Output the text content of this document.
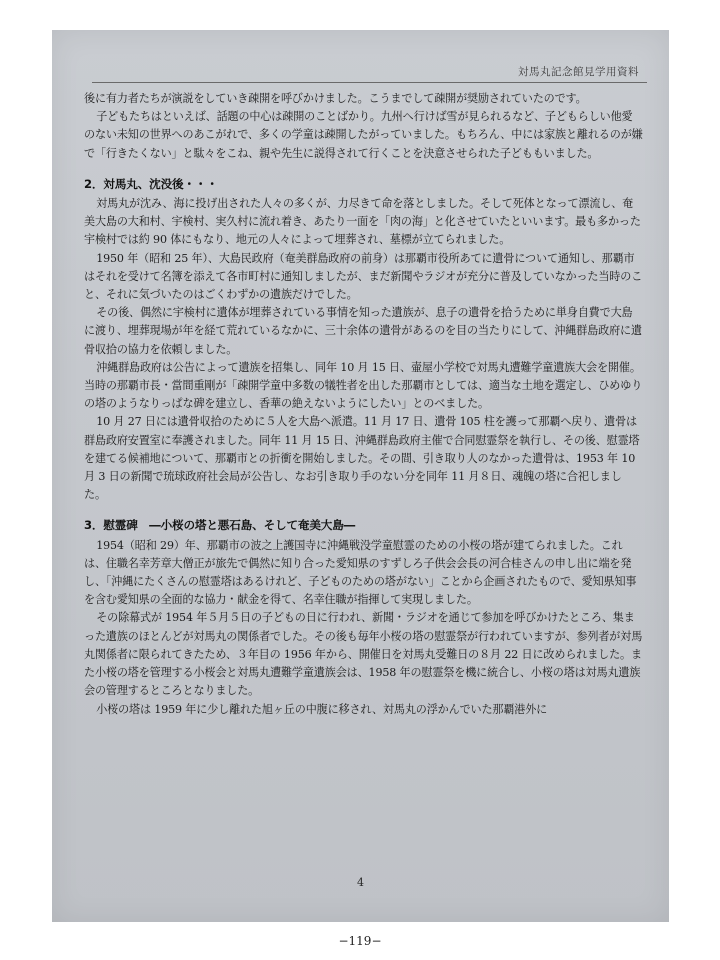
対馬丸記念館見学用資料

後に有力者たちが演説をしていき疎開を呼びかけました。こうまでして疎開が奨励されていたのです。

子どもたちはといえば、話題の中心は疎開のことばかり。九州へ行けば雪が見られるなど、子どもらしい他愛のない未知の世界へのあこがれで、多くの学童は疎開したがっていました。もちろん、中には家族と離れるのが嫌で「行きたくない」と駄々をこね、親や先生に説得されて行くことを決意させられた子どももいました。

2．対馬丸、沈没後・・・

対馬丸が沈み、海に投げ出された人々の多くが、力尽きて命を落としました。そして死体となって漂流し、奄美大島の大和村、宇検村、実久村に流れ着き、あたり一面を「肉の海」と化させていたといいます。最も多かった宇検村では約 90 体にもなり、地元の人々によって埋葬され、墓標が立てられました。

1950 年（昭和 25 年）、大島民政府（奄美群島政府の前身）は那覇市役所あてに遺骨について通知し、那覇市はそれを受けて名簿を添えて各市町村に通知しましたが、まだ新聞やラジオが充分に普及していなかった当時のこと、それに気づいたのはごくわずかの遺族だけでした。

その後、偶然に宇検村に遺体が埋葬されている事情を知った遺族が、息子の遺骨を拾うために単身自費で大島に渡り、埋葬現場が年を経て荒れているなかに、三十余体の遺骨があるのを目の当たりにして、沖縄群島政府に遺骨収拾の協力を依頼しました。

沖縄群島政府は公告によって遺族を招集し、同年 10 月 15 日、壷屋小学校で対馬丸遭難学童遺族大会を開催。当時の那覇市長・當間重剛が「疎開学童中多数の犠牲者を出した那覇市としては、適当な土地を選定し、ひめゆりの塔のようなりっぱな碑を建立し、香華の絶えないようにしたい」とのべました。

10 月 27 日には遺骨収拾のために５人を大島へ派遣。11 月 17 日、遺骨 105 柱を護って那覇へ戻り、遺骨は群島政府安置室に奉護されました。同年 11 月 15 日、沖縄群島政府主催で合同慰霊祭を執行し、その後、慰霊塔を建てる候補地について、那覇市との折衝を開始しました。その間、引き取り人のなかった遺骨は、1953 年 10 月 3 日の新聞で琉球政府社会局が公告し、なお引き取り手のない分を同年 11 月８日、魂魄の塔に合祀しました。

3．慰霊碑　―小桜の塔と悪石島、そして奄美大島―

1954（昭和 29）年、那覇市の波之上護国寺に沖縄戦没学童慰霊のための小桜の塔が建てられました。これは、住職名幸芳章大僧正が旅先で偶然に知り合った愛知県のすずしろ子供会会長の河合桂さんの申し出に端を発し、「沖縄にたくさんの慰霊塔はあるけれど、子どものための塔がない」ことから企画されたもので、愛知県知事を含む愛知県の全面的な協力・献金を得て、名幸住職が指揮して実現しました。

その除幕式が 1954 年５月５日の子どもの日に行われ、新聞・ラジオを通じて参加を呼びかけたところ、集まった遺族のほとんどが対馬丸の関係者でした。その後も毎年小桜の塔の慰霊祭が行われていますが、参列者が対馬丸関係者に限られてきたため、３年目の 1956 年から、開催日を対馬丸受難日の８月 22 日に改められました。また小桜の塔を管理する小桜会と対馬丸遭難学童遺族会は、1958 年の慰霊祭を機に統合し、小桜の塔は対馬丸遺族会の管理するところとなりました。

小桜の塔は 1959 年に少し離れた旭ヶ丘の中腹に移され、対馬丸の浮かんでいた那覇港外に

4
−119−
